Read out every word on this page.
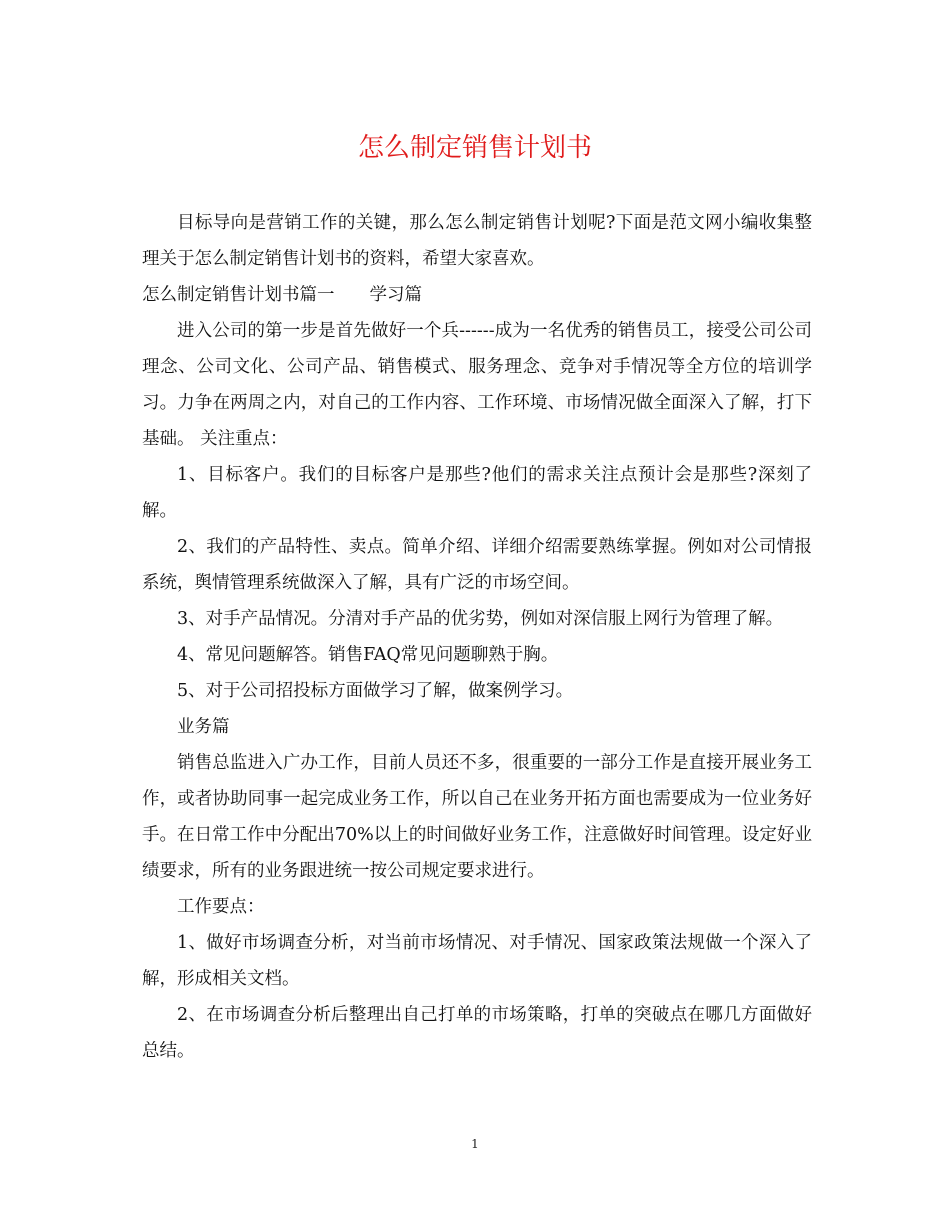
怎么制定销售计划书

目标导向是营销工作的关键，那么怎么制定销售计划呢?下面是范文网小编收集整理关于怎么制定销售计划书的资料，希望大家喜欢。

怎么制定销售计划书篇一　　学习篇

进入公司的第一步是首先做好一个兵------成为一名优秀的销售员工，接受公司公司理念、公司文化、公司产品、销售模式、服务理念、竞争对手情况等全方位的培训学习。力争在两周之内，对自己的工作内容、工作环境、市场情况做全面深入了解，打下基础。 关注重点：

1、目标客户。我们的目标客户是那些?他们的需求关注点预计会是那些?深刻了解。

2、我们的产品特性、卖点。简单介绍、详细介绍需要熟练掌握。例如对公司情报系统，舆情管理系统做深入了解，具有广泛的市场空间。

3、对手产品情况。分清对手产品的优劣势，例如对深信服上网行为管理了解。

4、常见问题解答。销售FAQ常见问题聊熟于胸。

5、对于公司招投标方面做学习了解，做案例学习。

业务篇

销售总监进入广办工作，目前人员还不多，很重要的一部分工作是直接开展业务工作，或者协助同事一起完成业务工作，所以自己在业务开拓方面也需要成为一位业务好手。在日常工作中分配出70%以上的时间做好业务工作，注意做好时间管理。设定好业绩要求，所有的业务跟进统一按公司规定要求进行。

工作要点：

1、做好市场调查分析，对当前市场情况、对手情况、国家政策法规做一个深入了解，形成相关文档。

2、在市场调查分析后整理出自己打单的市场策略，打单的突破点在哪几方面做好总结。

1
